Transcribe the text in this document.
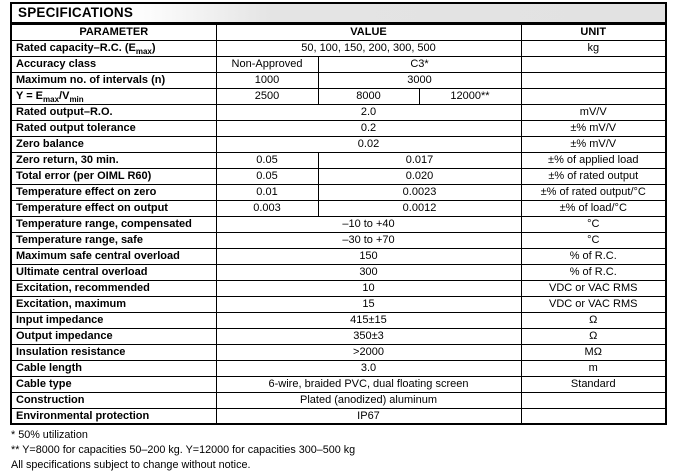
SPECIFICATIONS				
PARAMETER	VALUE			UNIT
Rated capacity–R.C. $(E_{max})$	50, 100, 150, 200, 300, 500			kg
Accuracy class	Non-Approved	C3*		
Maximum no. of intervals (n)	1000	3000		
$Y = E_{max}/V_{min}$	2500	8000	12000**	
Rated output–R.O.	2.0			mV/V
Rated output tolerance	0.2			±% mV/V
Zero balance	0.02			±% mV/V
Zero return, 30 min.	0.05	0.017		±% of applied load
Total error (per OIML R60)	0.05	0.020		±% of rated output
Temperature effect on zero	0.01	0.0023		±% of rated output/°C
Temperature effect on output	0.003	0.0012		±% of load/°C
Temperature range, compensated	–10 to +40			°C
Temperature range, safe	–30 to +70			°C
Maximum safe central overload	150			% of R.C.
Ultimate central overload	300			% of R.C.
Excitation, recommended	10			VDC or VAC RMS
Excitation, maximum	15			VDC or VAC RMS
Input impedance	415±15			Ω
Output impedance	350±3			Ω
Insulation resistance	>2000			MΩ
Cable length	3.0			m
Cable type	6-wire, braided PVC, dual floating screen			Standard
Construction	Plated (anodized) aluminum			
Environmental protection	IP67			
* 50% utilization
** Y=8000 for capacities 50–200 kg. Y=12000 for capacities 300–500 kg
All specifications subject to change without notice.
